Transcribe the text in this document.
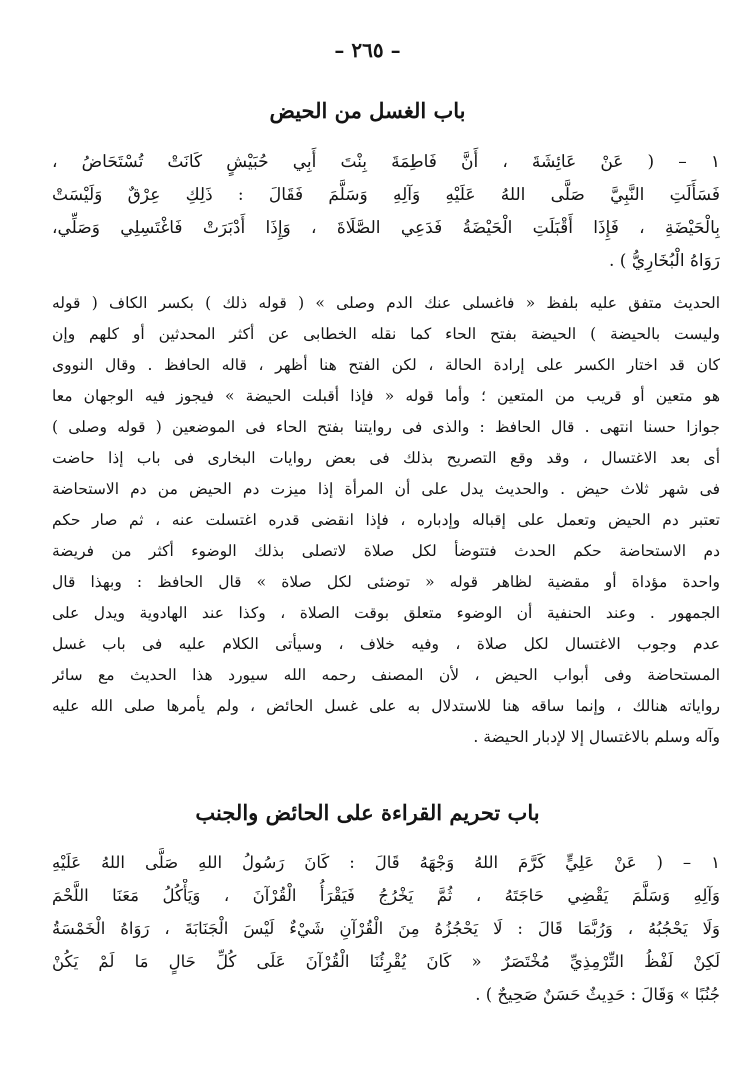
– ٢٦٥ –
باب الغسل من الحيض
١ – ( عَنْ عَائِشَةَ ، أَنَّ فَاطِمَةَ بِنْتَ أَبِي حُبَيْشٍ كَانَتْ تُسْتَحَاضُ ،
فَسَأَلَتِ النَّبِيَّ صَلَّى اللهُ عَلَيْهِ وَآلِهِ وَسَلَّمَ فَقَالَ : ذَلِكِ عِرْقٌ وَلَيْسَتْ
بِالْحَيْضَةِ ، فَإِذَا أَقْبَلَتِ الْحَيْضَةُ فَدَعِي الصَّلَاةَ ، وَإِذَا أَدْبَرَتْ فَاغْتَسِلِي وَصَلِّي،
رَوَاهُ الْبُخَارِيُّ ) .
الحديث متفق عليه بلفظ « فاغسلى عنك الدم وصلى » ( قوله ذلك ) بكسر الكاف ( قوله
وليست بالحيضة ) الحيضة بفتح الحاء كما نقله الخطابى عن أكثر المحدثين أو كلهم وإن
كان قد اختار الكسر على إرادة الحالة ، لكن الفتح هنا أظهر ، قاله الحافظ . وقال النووى
هو متعين أو قريب من المتعين ؛ وأما قوله « فإذا أقبلت الحيضة » فيجوز فيه الوجهان معا
جوازا حسنا انتهى . قال الحافظ : والذى فى روايتنا بفتح الحاء فى الموضعين ( قوله وصلى )
أى بعد الاغتسال ، وقد وقع التصريح بذلك فى بعض روايات البخارى فى باب إذا حاضت
فى شهر ثلاث حيض . والحديث يدل على أن المرأة إذا ميزت دم الحيض من دم الاستحاضة
تعتبر دم الحيض وتعمل على إقباله وإدباره ، فإذا انقضى قدره اغتسلت عنه ، ثم صار حكم
دم الاستحاضة حكم الحدث فتتوضأ لكل صلاة لاتصلى بذلك الوضوء أكثر من فريضة
واحدة مؤداة أو مقضية لظاهر قوله « توضئى لكل صلاة » قال الحافظ : وبهذا قال
الجمهور . وعند الحنفية أن الوضوء متعلق بوقت الصلاة ، وكذا عند الهادوية ويدل على
عدم وجوب الاغتسال لكل صلاة ، وفيه خلاف ، وسيأتى الكلام عليه فى باب غسل
المستحاضة وفى أبواب الحيض ، لأن المصنف رحمه الله سيورد هذا الحديث مع سائر
رواياته هنالك ، وإنما ساقه هنا للاستدلال به على غسل الحائض ، ولم يأمرها صلى الله عليه
وآله وسلم بالاغتسال إلا لإدبار الحيضة .
باب تحريم القراءة على الحائض والجنب
١ – ( عَنْ عَلِيٍّ كَرَّمَ اللهُ وَجْهَهُ قَالَ : كَانَ رَسُولُ اللهِ صَلَّى اللهُ عَلَيْهِ
وَآلِهِ وَسَلَّمَ يَقْضِي حَاجَتَهُ ، ثُمَّ يَخْرُجُ فَيَقْرَأُ الْقُرْآنَ ، وَيَأْكُلُ مَعَنَا اللَّحْمَ
وَلَا يَحْجُبُهُ ، وَرُبَّمَا قَالَ : لَا يَحْجُزُهُ مِنَ الْقُرْآنِ شَيْءٌ لَيْسَ الْجَنَابَةَ ، رَوَاهُ الْخَمْسَةُ
لَكِنْ لَفْظُ التِّرْمِذِيِّ مُخْتَصَرٌ « كَانَ يُقْرِئُنَا الْقُرْآنَ عَلَى كُلِّ حَالٍ مَا لَمْ يَكُنْ
جُنُبًا » وَقَالَ : حَدِيثٌ حَسَنٌ صَحِيحٌ ) .
